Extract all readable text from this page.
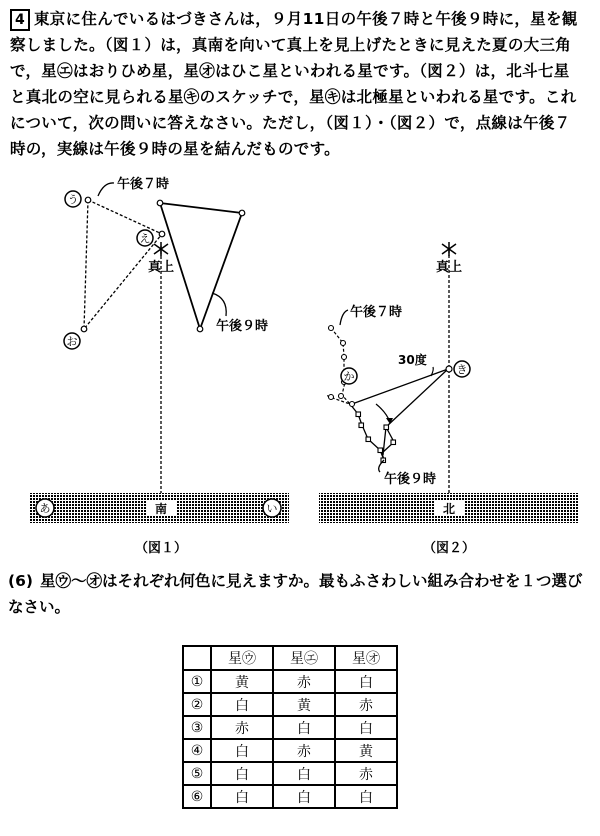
4 東京に住んでいるはづきさんは，９月11日の午後７時と午後９時に，星を観察しました。（図１）は，真南を向いて真上を見上げたときに見えた夏の大三角で，星㋓はおりひめ星，星㋔はひこ星といわれる星です。（図２）は，北斗七星と真北の空に見られる星㋖のスケッチで，星㋖は北極星といわれる星です。これについて，次の問いに答えなさい。ただし，（図１）・（図２）で，点線は午後７時の，実線は午後９時の星を結んだものです。
真上
午後７時
午後９時
う
え
お
南
あ	い
（図１）
真上
30度
午後７時
午後９時
か
き
北
（図２）
(6) 星㋒～㋔はそれぞれ何色に見えますか。最もふさわしい組み合わせを１つ選びなさい。
	星㋒	星㋓	星㋔
①	黄	赤	白
②	白	黄	赤
③	赤	白	白
④	白	赤	黄
⑤	白	白	赤
⑥	白	白	白
